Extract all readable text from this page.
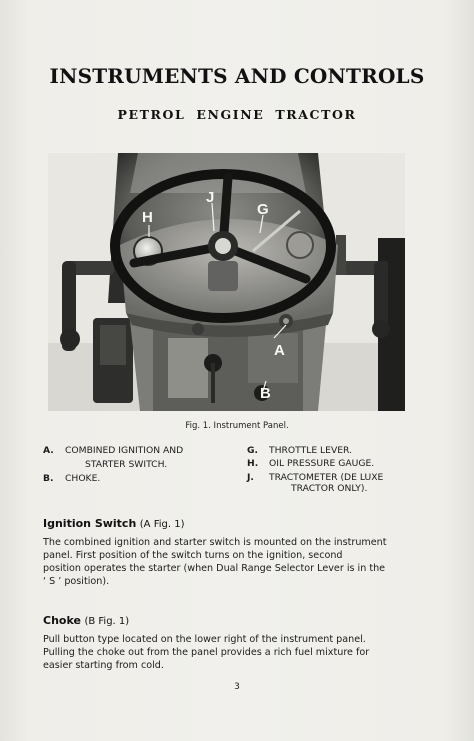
INSTRUMENTS AND CONTROLS
PETROL ENGINE TRACTOR
H
J
G
A
B
Fig. 1. Instrument Panel.
A. COMBINED IGNITION AND
STARTER SWITCH.
B. CHOKE.
G. THROTTLE LEVER.
H. OIL PRESSURE GAUGE.
J. TRACTOMETER (DE LUXE
TRACTOR ONLY).
Ignition Switch (A Fig. 1)
The combined ignition and starter switch is mounted on the instrument
panel. First position of the switch turns on the ignition, second
position operates the starter (when Dual Range Selector Lever is in the
‘ S ’ position).
Choke (B Fig. 1)
Pull button type located on the lower right of the instrument panel.
Pulling the choke out from the panel provides a rich fuel mixture for
easier starting from cold.
3
